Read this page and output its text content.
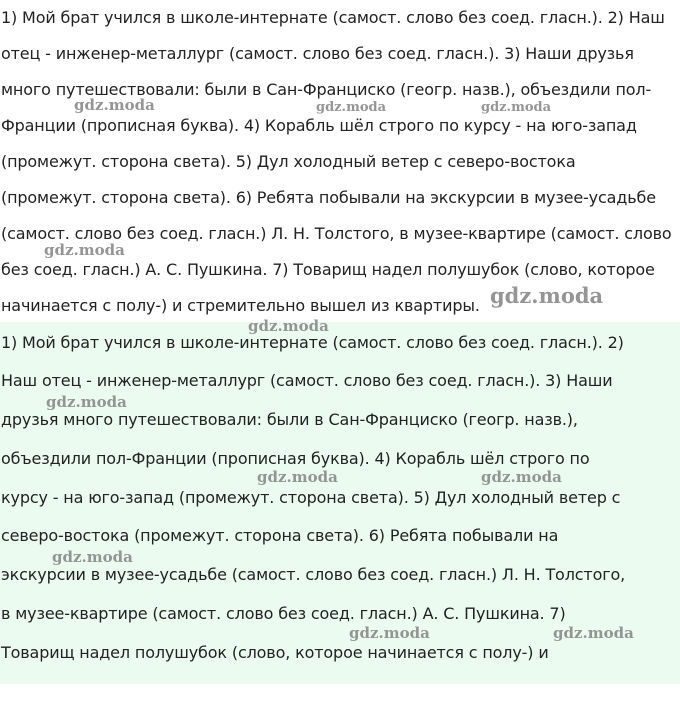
1) Мой брат учился в школе-интернате (самост. слово без соед. гласн.). 2) Наш
отец - инженер-металлург (самост. слово без соед. гласн.). 3) Наши друзья
много путешествовали: были в Сан-Франциско (геогр. назв.), объездили пол-
Франции (прописная буква). 4) Корабль шёл строго по курсу - на юго-запад
(промежут. сторона света). 5) Дул холодный ветер с северо-востока
(промежут. сторона света). 6) Ребята побывали на экскурсии в музее-усадьбе
(самост. слово без соед. гласн.) Л. Н. Толстого, в музее-квартире (самост. слово
без соед. гласн.) А. С. Пушкина. 7) Товарищ надел полушубок (слово, которое
начинается с полу-) и стремительно вышел из квартиры.
1) Мой брат учился в школе-интернате (самост. слово без соед. гласн.). 2)
Наш отец - инженер-металлург (самост. слово без соед. гласн.). 3) Наши
друзья много путешествовали: были в Сан-Франциско (геогр. назв.),
объездили пол-Франции (прописная буква). 4) Корабль шёл строго по
курсу - на юго-запад (промежут. сторона света). 5) Дул холодный ветер с
северо-востока (промежут. сторона света). 6) Ребята побывали на
экскурсии в музее-усадьбе (самост. слово без соед. гласн.) Л. Н. Толстого,
в музее-квартире (самост. слово без соед. гласн.) А. С. Пушкина. 7)
Товарищ надел полушубок (слово, которое начинается с полу-) и
gdz.moda	gdz.moda	gdz.moda
gdz.moda
gdz.moda
gdz.moda
gdz.moda
gdz.moda	gdz.moda
gdz.moda
gdz.moda	gdz.moda
